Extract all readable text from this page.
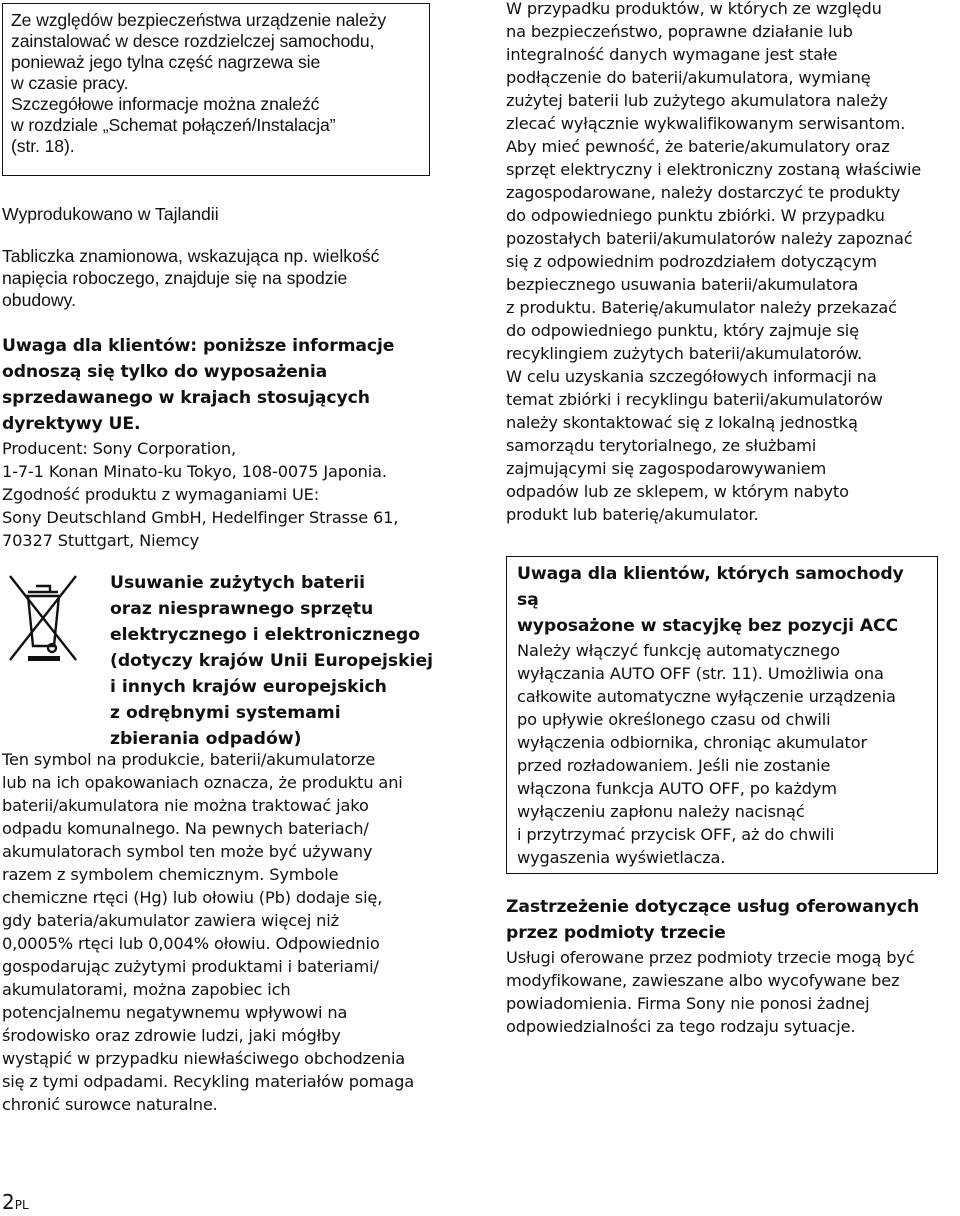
Ze względów bezpieczeństwa urządzenie należy
zainstalować w desce rozdzielczej samochodu,
ponieważ jego tylna część nagrzewa sie
w czasie pracy.
Szczegółowe informacje można znaleźć
w rozdziale „Schemat połączeń/Instalacja”
(str. 18).
Wyprodukowano w Tajlandii
Tabliczka znamionowa, wskazująca np. wielkość
napięcia roboczego, znajduje się na spodzie
obudowy.
Uwaga dla klientów: poniższe informacje
odnoszą się tylko do wyposażenia
sprzedawanego w krajach stosujących
dyrektywy UE.
Producent: Sony Corporation,
1-7-1 Konan Minato-ku Tokyo, 108-0075 Japonia.
Zgodność produktu z wymaganiami UE:
Sony Deutschland GmbH, Hedelfinger Strasse 61,
70327 Stuttgart, Niemcy
Usuwanie zużytych baterii
oraz niesprawnego sprzętu
elektrycznego i elektronicznego
(dotyczy krajów Unii Europejskiej
i innych krajów europejskich
z odrębnymi systemami
zbierania odpadów)
Ten symbol na produkcie, baterii/akumulatorze
lub na ich opakowaniach oznacza, że produktu ani
baterii/akumulatora nie można traktować jako
odpadu komunalnego. Na pewnych bateriach/
akumulatorach symbol ten może być używany
razem z symbolem chemicznym. Symbole
chemiczne rtęci (Hg) lub ołowiu (Pb) dodaje się,
gdy bateria/akumulator zawiera więcej niż
0,0005% rtęci lub 0,004% ołowiu. Odpowiednio
gospodarując zużytymi produktami i bateriami/
akumulatorami, można zapobiec ich
potencjalnemu negatywnemu wpływowi na
środowisko oraz zdrowie ludzi, jaki mógłby
wystąpić w przypadku niewłaściwego obchodzenia
się z tymi odpadami. Recykling materiałów pomaga
chronić surowce naturalne.
W przypadku produktów, w których ze względu
na bezpieczeństwo, poprawne działanie lub
integralność danych wymagane jest stałe
podłączenie do baterii/akumulatora, wymianę
zużytej baterii lub zużytego akumulatora należy
zlecać wyłącznie wykwalifikowanym serwisantom.
Aby mieć pewność, że baterie/akumulatory oraz
sprzęt elektryczny i elektroniczny zostaną właściwie
zagospodarowane, należy dostarczyć te produkty
do odpowiedniego punktu zbiórki. W przypadku
pozostałych baterii/akumulatorów należy zapoznać
się z odpowiednim podrozdziałem dotyczącym
bezpiecznego usuwania baterii/akumulatora
z produktu. Baterię/akumulator należy przekazać
do odpowiedniego punktu, który zajmuje się
recyklingiem zużytych baterii/akumulatorów.
W celu uzyskania szczegółowych informacji na
temat zbiórki i recyklingu baterii/akumulatorów
należy skontaktować się z lokalną jednostką
samorządu terytorialnego, ze służbami
zajmującymi się zagospodarowywaniem
odpadów lub ze sklepem, w którym nabyto
produkt lub baterię/akumulator.
Uwaga dla klientów, których samochody są
wyposażone w stacyjkę bez pozycji ACC
Należy włączyć funkcję automatycznego
wyłączania AUTO OFF (str. 11). Umożliwia ona
całkowite automatyczne wyłączenie urządzenia
po upływie określonego czasu od chwili
wyłączenia odbiornika, chroniąc akumulator
przed rozładowaniem. Jeśli nie zostanie
włączona funkcja AUTO OFF, po każdym
wyłączeniu zapłonu należy nacisnąć
i przytrzymać przycisk OFF, aż do chwili
wygaszenia wyświetlacza.
Zastrzeżenie dotyczące usług oferowanych
przez podmioty trzecie
Usługi oferowane przez podmioty trzecie mogą być
modyfikowane, zawieszane albo wycofywane bez
powiadomienia. Firma Sony nie ponosi żadnej
odpowiedzialności za tego rodzaju sytuacje.
2PL
